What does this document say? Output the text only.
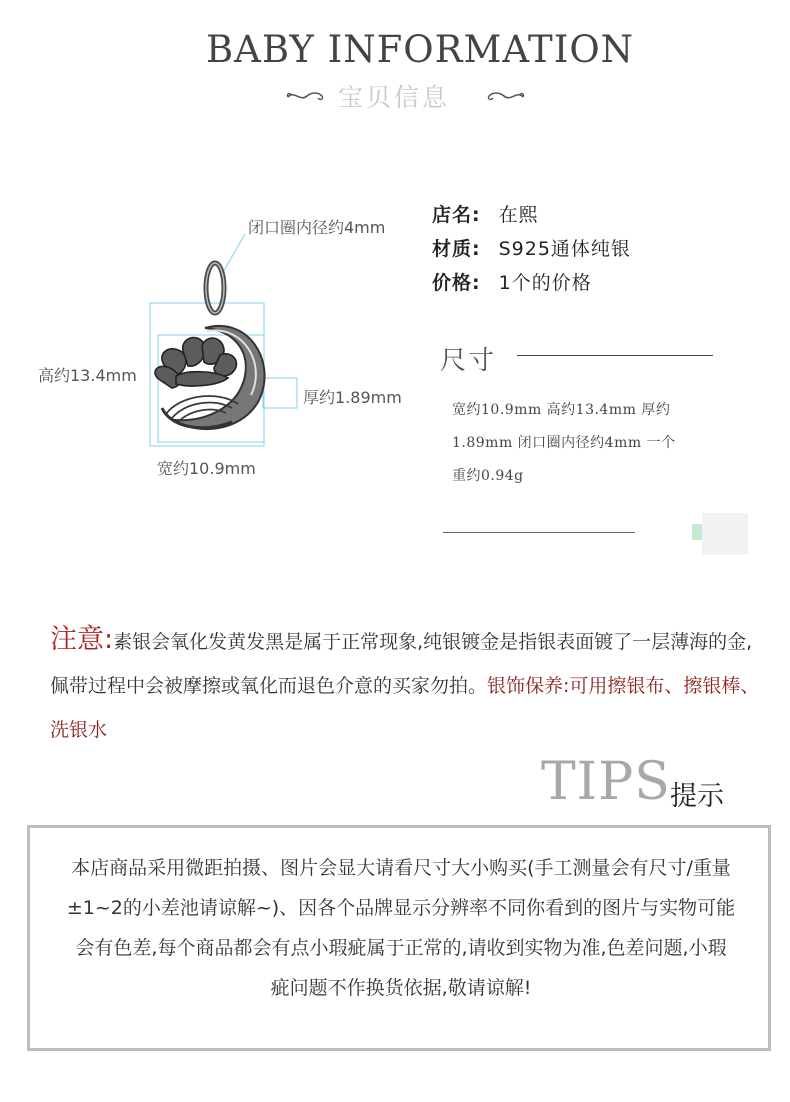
BABY INFORMATION
宝贝信息
闭口圈内径约4mm
高约13.4mm
厚约1.89mm
宽约10.9mm
店名: 在熙
材质: S925通体纯银
价格: 1个的价格
尺寸
宽约10.9mm 高约13.4mm 厚约
1.89mm 闭口圈内径约4mm 一个
重约0.94g
注意:素银会氧化发黄发黑是属于正常现象,纯银镀金是指银表面镀了一层薄海的金,佩带过程中会被摩擦或氧化而退色介意的买家勿拍。银饰保养:可用擦银布、擦银棒、洗银水
TIPS 提示
本店商品采用微距拍摄、图片会显大请看尺寸大小购买(手工测量会有尺寸/重量±1~2的小差池请谅解~)、因各个品牌显示分辨率不同你看到的图片与实物可能会有色差,每个商品都会有点小瑕疵属于正常的,请收到实物为准,色差问题,小瑕疵问题不作换货依据,敬请谅解!
